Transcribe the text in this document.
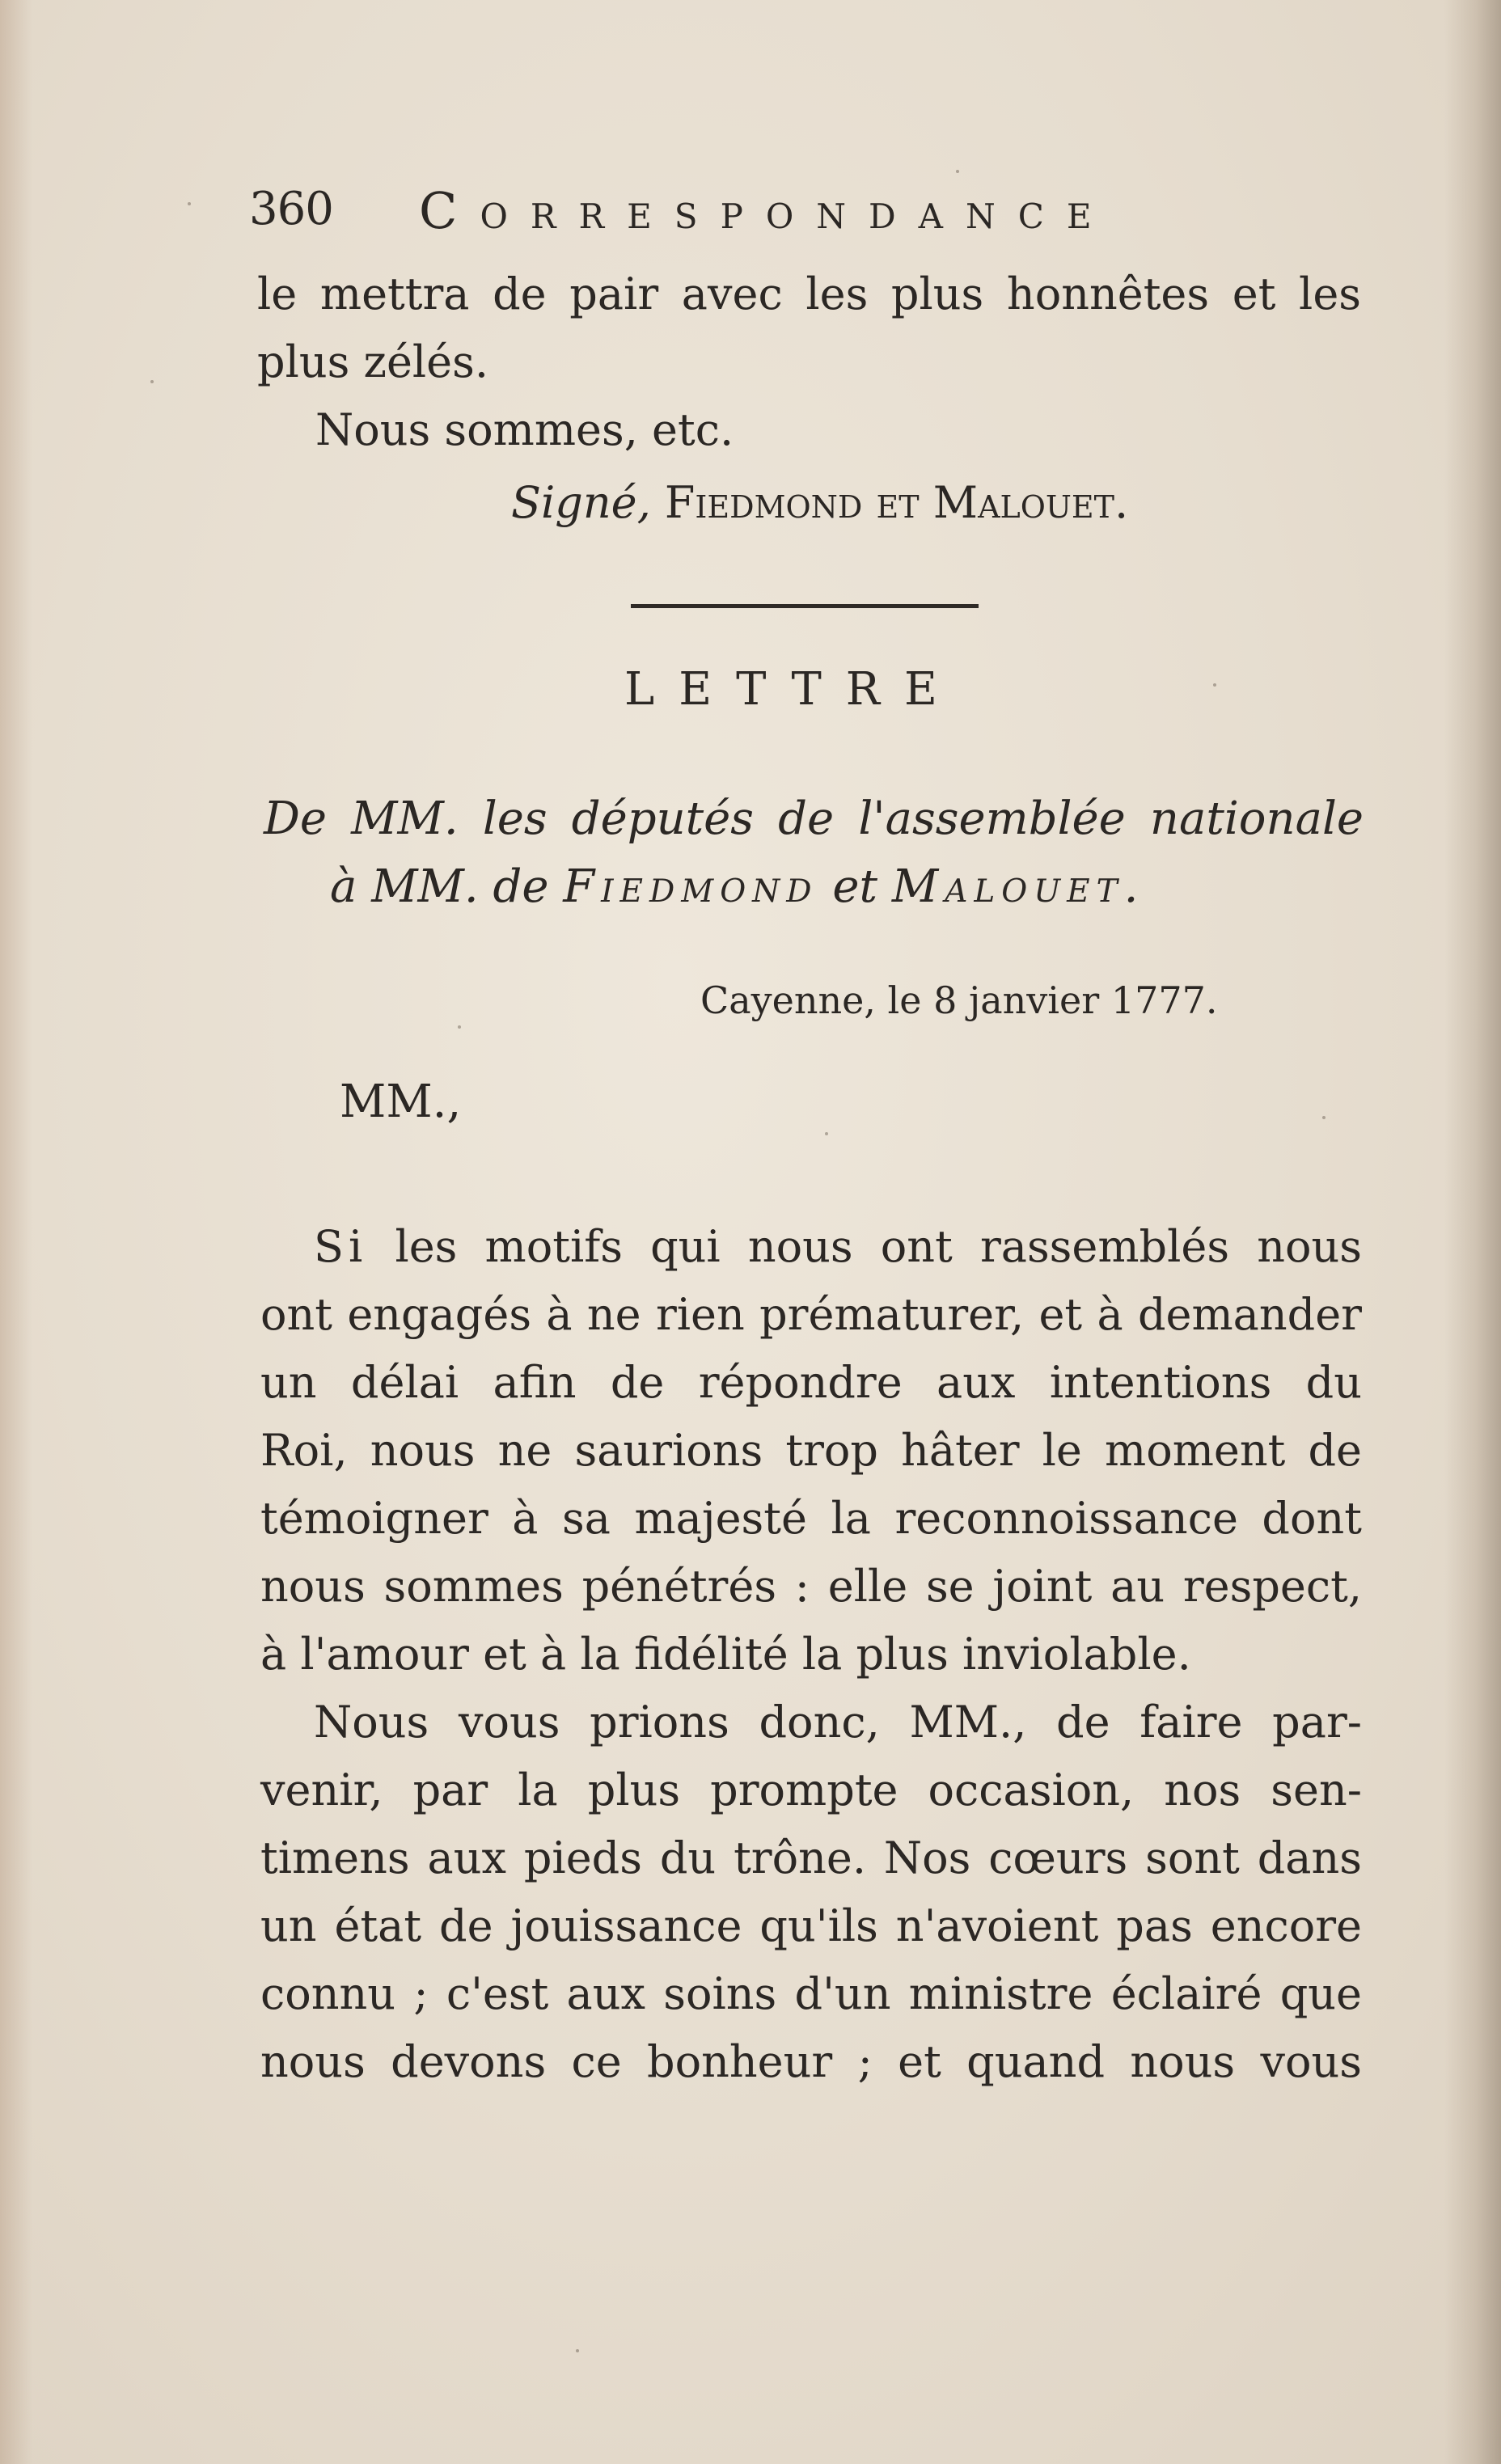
360	CORRESPONDANCE
le mettra de pair avec les plus honnêtes et les
plus zélés.
Nous sommes, etc.
Signé, Fiedmond et Malouet.
LETTRE
De MM. les députés de l'assemblée nationale
à MM. de Fiedmond et Malouet.
Cayenne, le 8 janvier 1777.
MM.,
Si les motifs qui nous ont rassemblés nous
ont engagés à ne rien prématurer, et à demander
un délai afin de répondre aux intentions du
Roi, nous ne saurions trop hâter le moment de
témoigner à sa majesté la reconnoissance dont
nous sommes pénétrés : elle se joint au respect,
à l'amour et à la fidélité la plus inviolable.
Nous vous prions donc, MM., de faire par-
venir, par la plus prompte occasion, nos sen-
timens aux pieds du trône. Nos cœurs sont dans
un état de jouissance qu'ils n'avoient pas encore
connu ; c'est aux soins d'un ministre éclairé que
nous devons ce bonheur ; et quand nous vous
